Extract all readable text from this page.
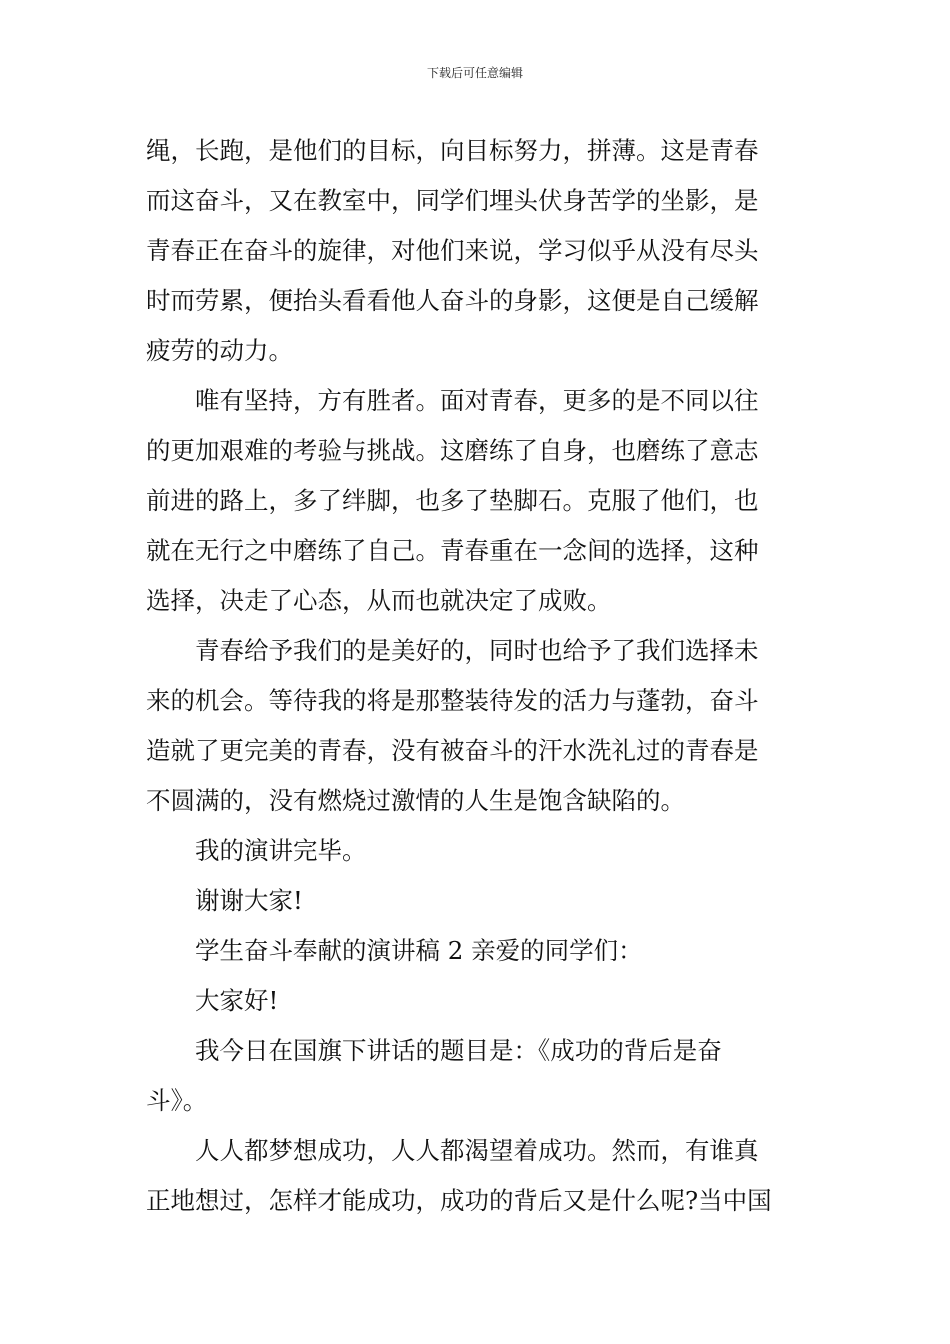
下载后可任意编辑
绳，长跑，是他们的目标，向目标努力，拼薄。这是青春
而这奋斗，又在教室中，同学们埋头伏身苦学的坐影，是
青春正在奋斗的旋律，对他们来说，学习似乎从没有尽头
时而劳累，便抬头看看他人奋斗的身影，这便是自己缓解
疲劳的动力。
唯有坚持，方有胜者。面对青春，更多的是不同以往
的更加艰难的考验与挑战。这磨练了自身，也磨练了意志
前进的路上，多了绊脚，也多了垫脚石。克服了他们，也
就在无行之中磨练了自己。青春重在一念间的选择，这种
选择，决走了心态，从而也就决定了成败。
青春给予我们的是美好的，同时也给予了我们选择未
来的机会。等待我的将是那整装待发的活力与蓬勃，奋斗
造就了更完美的青春，没有被奋斗的汗水洗礼过的青春是
不圆满的，没有燃烧过激情的人生是饱含缺陷的。
我的演讲完毕。
谢谢大家!
学生奋斗奉献的演讲稿 2 亲爱的同学们：
大家好!
我今日在国旗下讲话的题目是：《成功的背后是奋
斗》。
人人都梦想成功，人人都渴望着成功。然而，有谁真
正地想过，怎样才能成功，成功的背后又是什么呢?当中国
